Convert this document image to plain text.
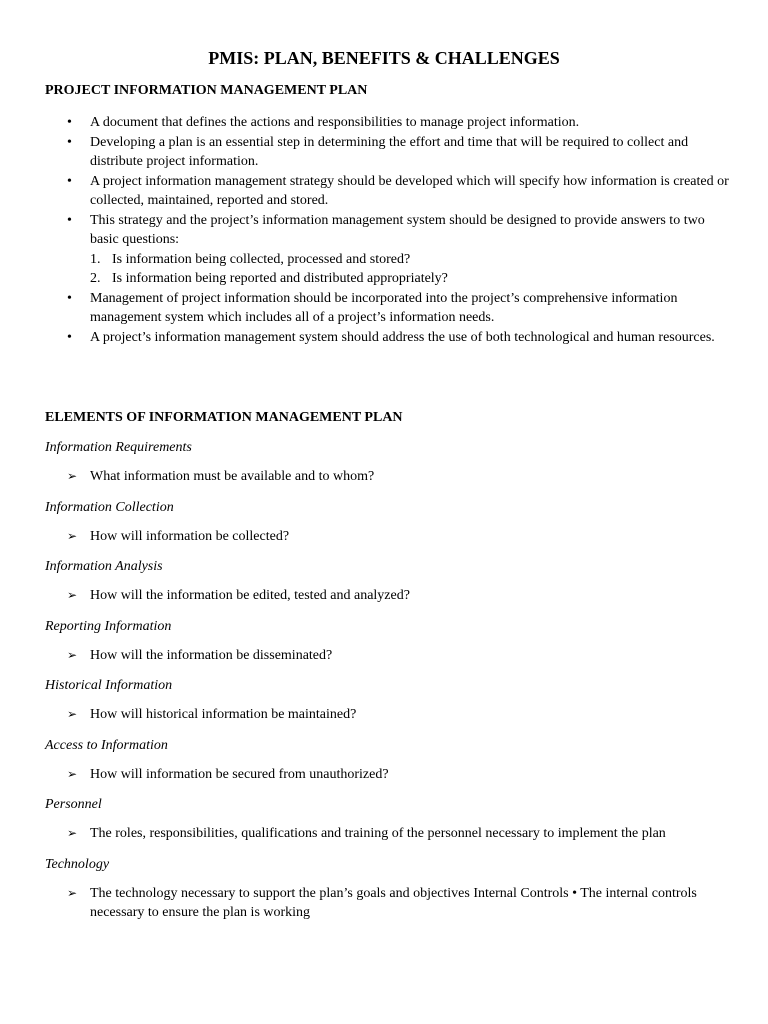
PMIS: PLAN, BENEFITS & CHALLENGES
PROJECT INFORMATION MANAGEMENT PLAN
• A document that defines the actions and responsibilities to manage project information.
• Developing a plan is an essential step in determining the effort and time that will be required to collect and distribute project information.
• A project information management strategy should be developed which will specify how information is created or collected, maintained, reported and stored.
• This strategy and the project’s information management system should be designed to provide answers to two basic questions:
1. Is information being collected, processed and stored?
2. Is information being reported and distributed appropriately?
• Management of project information should be incorporated into the project’s comprehensive information management system which includes all of a project’s information needs.
• A project’s information management system should address the use of both technological and human resources.
ELEMENTS OF INFORMATION MANAGEMENT PLAN
Information Requirements
➢ What information must be available and to whom?
Information Collection
➢ How will information be collected?
Information Analysis
➢ How will the information be edited, tested and analyzed?
Reporting Information
➢ How will the information be disseminated?
Historical Information
➢ How will historical information be maintained?
Access to Information
➢ How will information be secured from unauthorized?
Personnel
➢ The roles, responsibilities, qualifications and training of the personnel necessary to implement the plan
Technology
➢ The technology necessary to support the plan’s goals and objectives Internal Controls • The internal controls necessary to ensure the plan is working
